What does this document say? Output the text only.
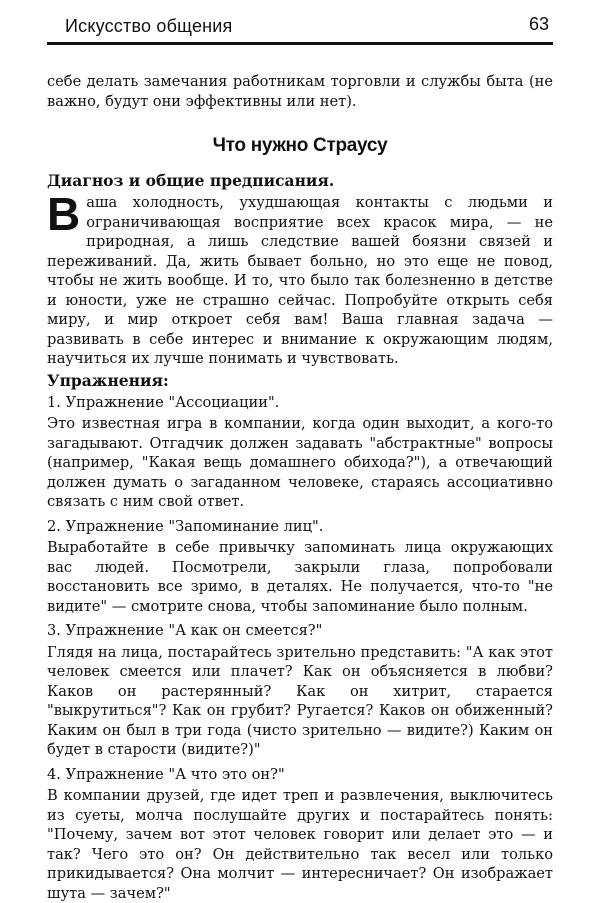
Искусство общения	63

себе делать замечания работникам торговли и службы быта (не важно, будут они эффективны или нет).

Что нужно Страусу
Диагноз и общие предписания.

Ваша холодность, ухудшающая контакты с людьми и ограничивающая восприятие всех красок мира, — не природная, а лишь следствие вашей боязни связей и переживаний. Да, жить бывает больно, но это еще не повод, чтобы не жить вообще. И то, что было так болезненно в детстве и юности, уже не страшно сейчас. Попробуйте открыть себя миру, и мир откроет себя вам! Ваша главная задача — развивать в себе интерес и внимание к окружающим людям, научиться их лучше понимать и чувствовать.

Упражнения:
1. Упражнение "Ассоциации".

Это известная игра в компании, когда один выходит, а кого-то загадывают. Отгадчик должен задавать "абстрактные" вопросы (например, "Какая вещь домашнего обихода?"), а отвечающий должен думать о загаданном человеке, стараясь ассоциативно связать с ним свой ответ.

2. Упражнение "Запоминание лиц".

Выработайте в себе привычку запоминать лица окружающих вас людей. Посмотрели, закрыли глаза, попробовали восстановить все зримо, в деталях. Не получается, что-то "не видите" — смотрите снова, чтобы запоминание было полным.

3. Упражнение "А как он смеется?"

Глядя на лица, постарайтесь зрительно представить: "А как этот человек смеется или плачет? Как он объясняется в любви? Каков он растерянный? Как он хитрит, старается "выкрутиться"? Как он грубит? Ругается? Каков он обиженный? Каким он был в три года (чисто зрительно — видите?) Каким он будет в старости (видите?)"

4. Упражнение "А что это он?"

В компании друзей, где идет треп и развлечения, выключитесь из суеты, молча послушайте других и постарайтесь понять: "Почему, зачем вот этот человек говорит или делает это — и так? Чего это он? Он действительно так весел или только прикидывается? Она молчит — интересничает? Он изображает шута — зачем?"
